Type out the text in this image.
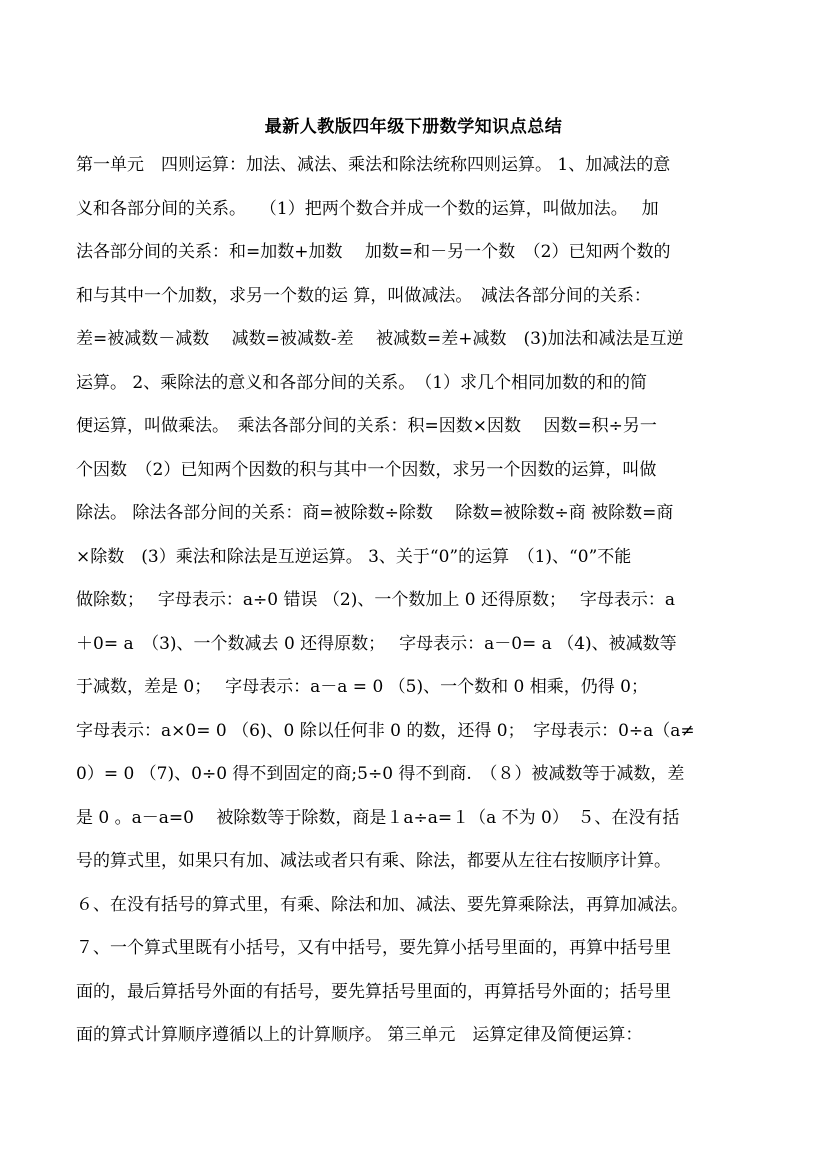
最新人教版四年级下册数学知识点总结
第一单元　四则运算：加法、减法、乘法和除法统称四则运算。 1、加减法的意
义和各部分间的关系。　 （1）把两个数合并成一个数的运算，叫做加法。　 加
法各部分间的关系：和=加数+加数　 加数=和－另一个数　（2）已知两个数的
和与其中一个加数，求另一个数的运 算，叫做减法。　减法各部分间的关系：
差=被减数－减数　 减数=被减数-差　 被减数=差+减数　(3)加法和减法是互逆
运算。 2、乘除法的意义和各部分间的关系。　（1）求几个相同加数的和的简
便运算，叫做乘法。　乘法各部分间的关系：积=因数×因数　 因数=积÷另一
个因数　（2）已知两个因数的积与其中一个因数，求另一个因数的运算，叫做
除法。 除法各部分间的关系：商=被除数÷除数　 除数=被除数÷商 被除数=商
×除数　(3）乘法和除法是互逆运算。 3、关于“0”的运算　（1)、“0”不能
做除数；　 字母表示：a÷0 错误 （2)、一个数加上 0 还得原数；　 字母表示：a
＋0= a　（3)、一个数减去 0 还得原数；　 字母表示：a－0= a （4)、被减数等
于减数，差是 0；　 字母表示：a－a = 0 （5)、一个数和 0 相乘，仍得 0；
字母表示：a×0= 0 （6)、0 除以任何非 0 的数，还得 0；　字母表示：0÷a（a≠
0）= 0 （7)、0÷0 得不到固定的商;5÷0 得不到商.　（８）被减数等于减数，差
是 0 。a－a=0　 被除数等于除数，商是１a÷a=１（a 不为 0）　５、在没有括
号的算式里，如果只有加、减法或者只有乘、除法，都要从左往右按顺序计算。
６、在没有括号的算式里，有乘、除法和加、减法、要先算乘除法，再算加减法。
７、一个算式里既有小括号，又有中括号，要先算小括号里面的，再算中括号里
面的，最后算括号外面的有括号，要先算括号里面的，再算括号外面的；括号里
面的算式计算顺序遵循以上的计算顺序。 第三单元　运算定律及简便运算：
